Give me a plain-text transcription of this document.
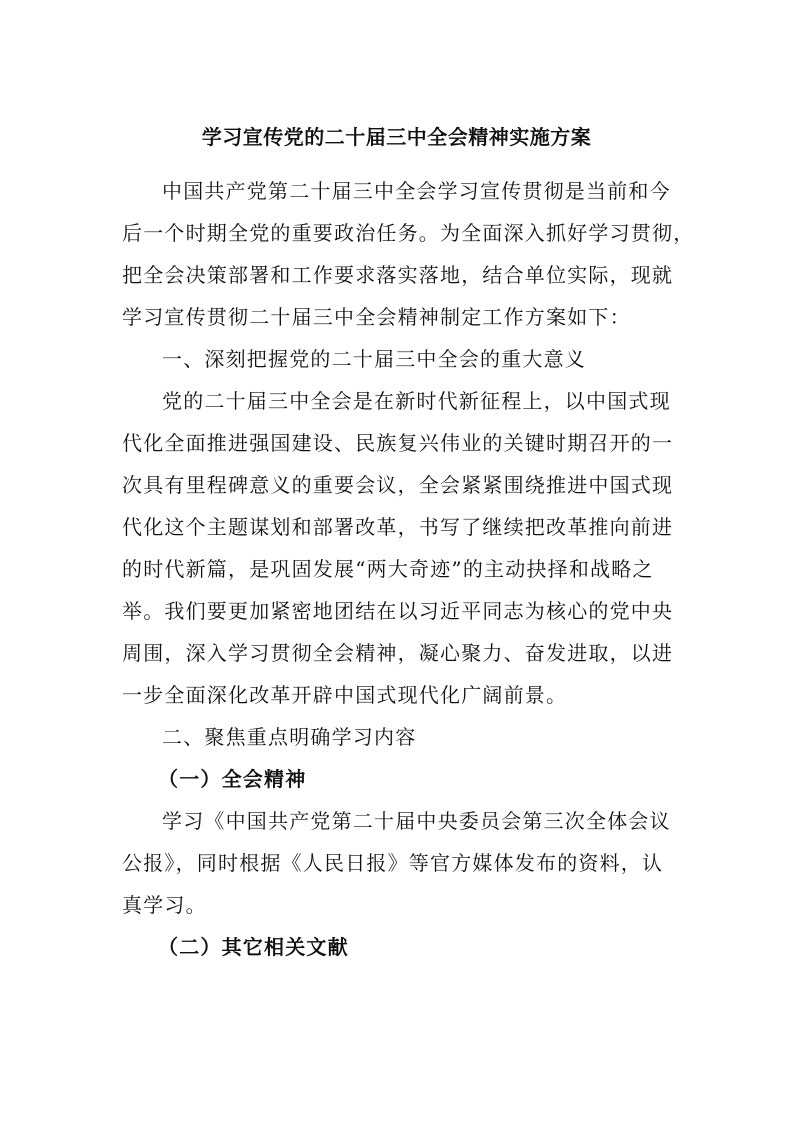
学习宣传党的二十届三中全会精神实施方案
中国共产党第二十届三中全会学习宣传贯彻是当前和今
后一个时期全党的重要政治任务。为全面深入抓好学习贯彻，
把全会决策部署和工作要求落实落地，结合单位实际，现就
学习宣传贯彻二十届三中全会精神制定工作方案如下：
一、深刻把握党的二十届三中全会的重大意义
党的二十届三中全会是在新时代新征程上，以中国式现
代化全面推进强国建设、民族复兴伟业的关键时期召开的一
次具有里程碑意义的重要会议，全会紧紧围绕推进中国式现
代化这个主题谋划和部署改革，书写了继续把改革推向前进
的时代新篇，是巩固发展“两大奇迹”的主动抉择和战略之
举。我们要更加紧密地团结在以习近平同志为核心的党中央
周围，深入学习贯彻全会精神，凝心聚力、奋发进取，以进
一步全面深化改革开辟中国式现代化广阔前景。
二、聚焦重点明确学习内容
（一）全会精神
学习《中国共产党第二十届中央委员会第三次全体会议
公报》，同时根据《人民日报》等官方媒体发布的资料，认
真学习。
（二）其它相关文献
